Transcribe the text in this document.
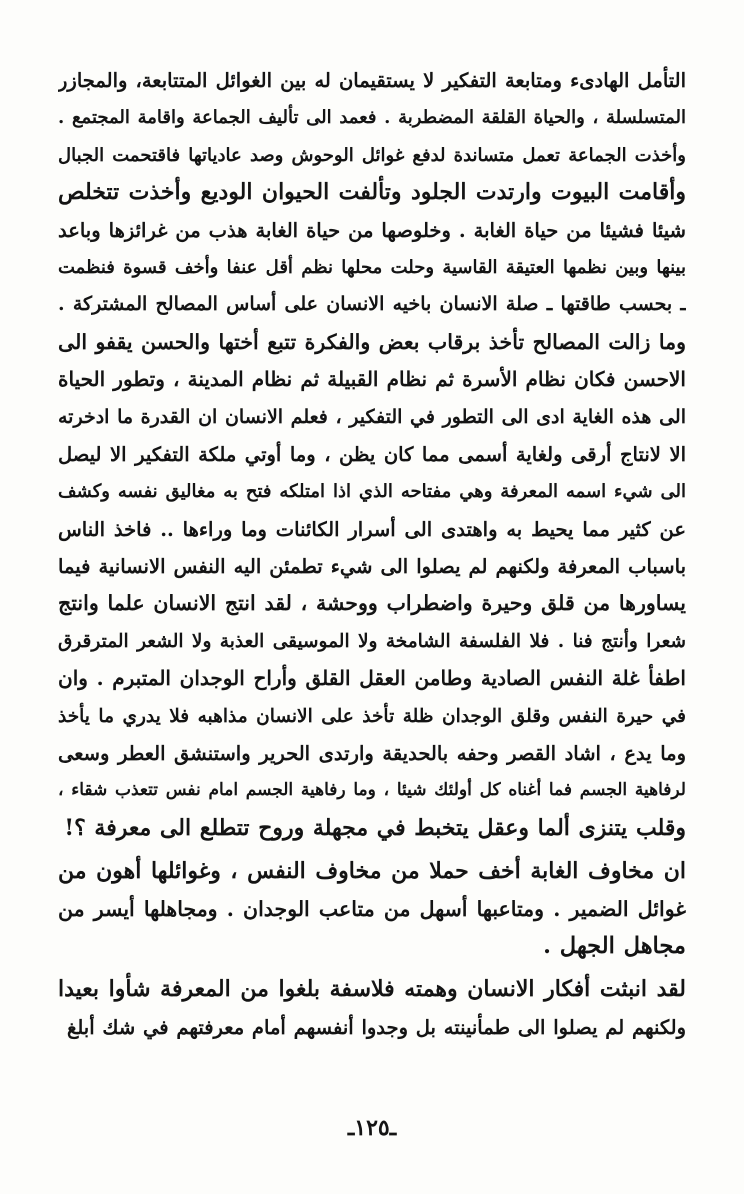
التأمل الهادىء ومتابعة التفكير لا يستقيمان له بين الغوائل المتتابعة، والمجازر
المتسلسلة ، والحياة القلقة المضطربة . فعمد الى تأليف الجماعة واقامة المجتمع .
وأخذت الجماعة تعمل متساندة لدفع غوائل الوحوش وصد عادياتها فاقتحمت الجبال
وأقامت البيوت وارتدت الجلود وتألفت الحيوان الوديع وأخذت تتخلص
شيئا فشيئا من حياة الغابة . وخلوصها من حياة الغابة هذب من غرائزها وباعد
بينها وبين نظمها العتيقة القاسية وحلت محلها نظم أقل عنفا وأخف قسوة فنظمت
ـ بحسب طاقتها ـ صلة الانسان باخيه الانسان على أساس المصالح المشتركة .
وما زالت المصالح تأخذ برقاب بعض والفكرة تتبع أختها والحسن يقفو الى
الاحسن فكان نظام الأسرة ثم نظام القبيلة ثم نظام المدينة ، وتطور الحياة
الى هذه الغاية ادى الى التطور في التفكير ، فعلم الانسان ان القدرة ما ادخرته
الا لانتاج أرقى ولغاية أسمى مما كان يظن ، وما أوتي ملكة التفكير الا ليصل
الى شيء اسمه المعرفة وهي مفتاحه الذي اذا امتلكه فتح به مغاليق نفسه وكشف
عن كثير مما يحيط به واهتدى الى أسرار الكائنات وما وراءها .. فاخذ الناس
باسباب المعرفة ولكنهم لم يصلوا الى شيء تطمئن اليه النفس الانسانية فيما
يساورها من قلق وحيرة واضطراب ووحشة ، لقد انتج الانسان علما وانتج
شعرا وأنتج فنا . فلا الفلسفة الشامخة ولا الموسيقى العذبة ولا الشعر المترقرق
اطفأ غلة النفس الصادية وطامن العقل القلق وأراح الوجدان المتبرم . وان
في حيرة النفس وقلق الوجدان ظلة تأخذ على الانسان مذاهبه فلا يدري ما يأخذ
وما يدع ، اشاد القصر وحفه بالحديقة وارتدى الحرير واستنشق العطر وسعى
لرفاهية الجسم فما أغناه كل أولئك شيئا ، وما رفاهية الجسم امام نفس تتعذب شقاء ،
وقلب يتنزى ألما وعقل يتخبط في مجهلة وروح تتطلع الى معرفة ؟!
ان مخاوف الغابة أخف حملا من مخاوف النفس ، وغوائلها أهون من
غوائل الضمير . ومتاعبها أسهل من متاعب الوجدان . ومجاهلها أيسر من
مجاهل الجهل .
لقد انبثت أفكار الانسان وهمته فلاسفة بلغوا من المعرفة شأوا بعيدا
ولكنهم لم يصلوا الى طمأنينته بل وجدوا أنفسهم أمام معرفتهم في شك أبلغ
ـ١٢٥ـ
